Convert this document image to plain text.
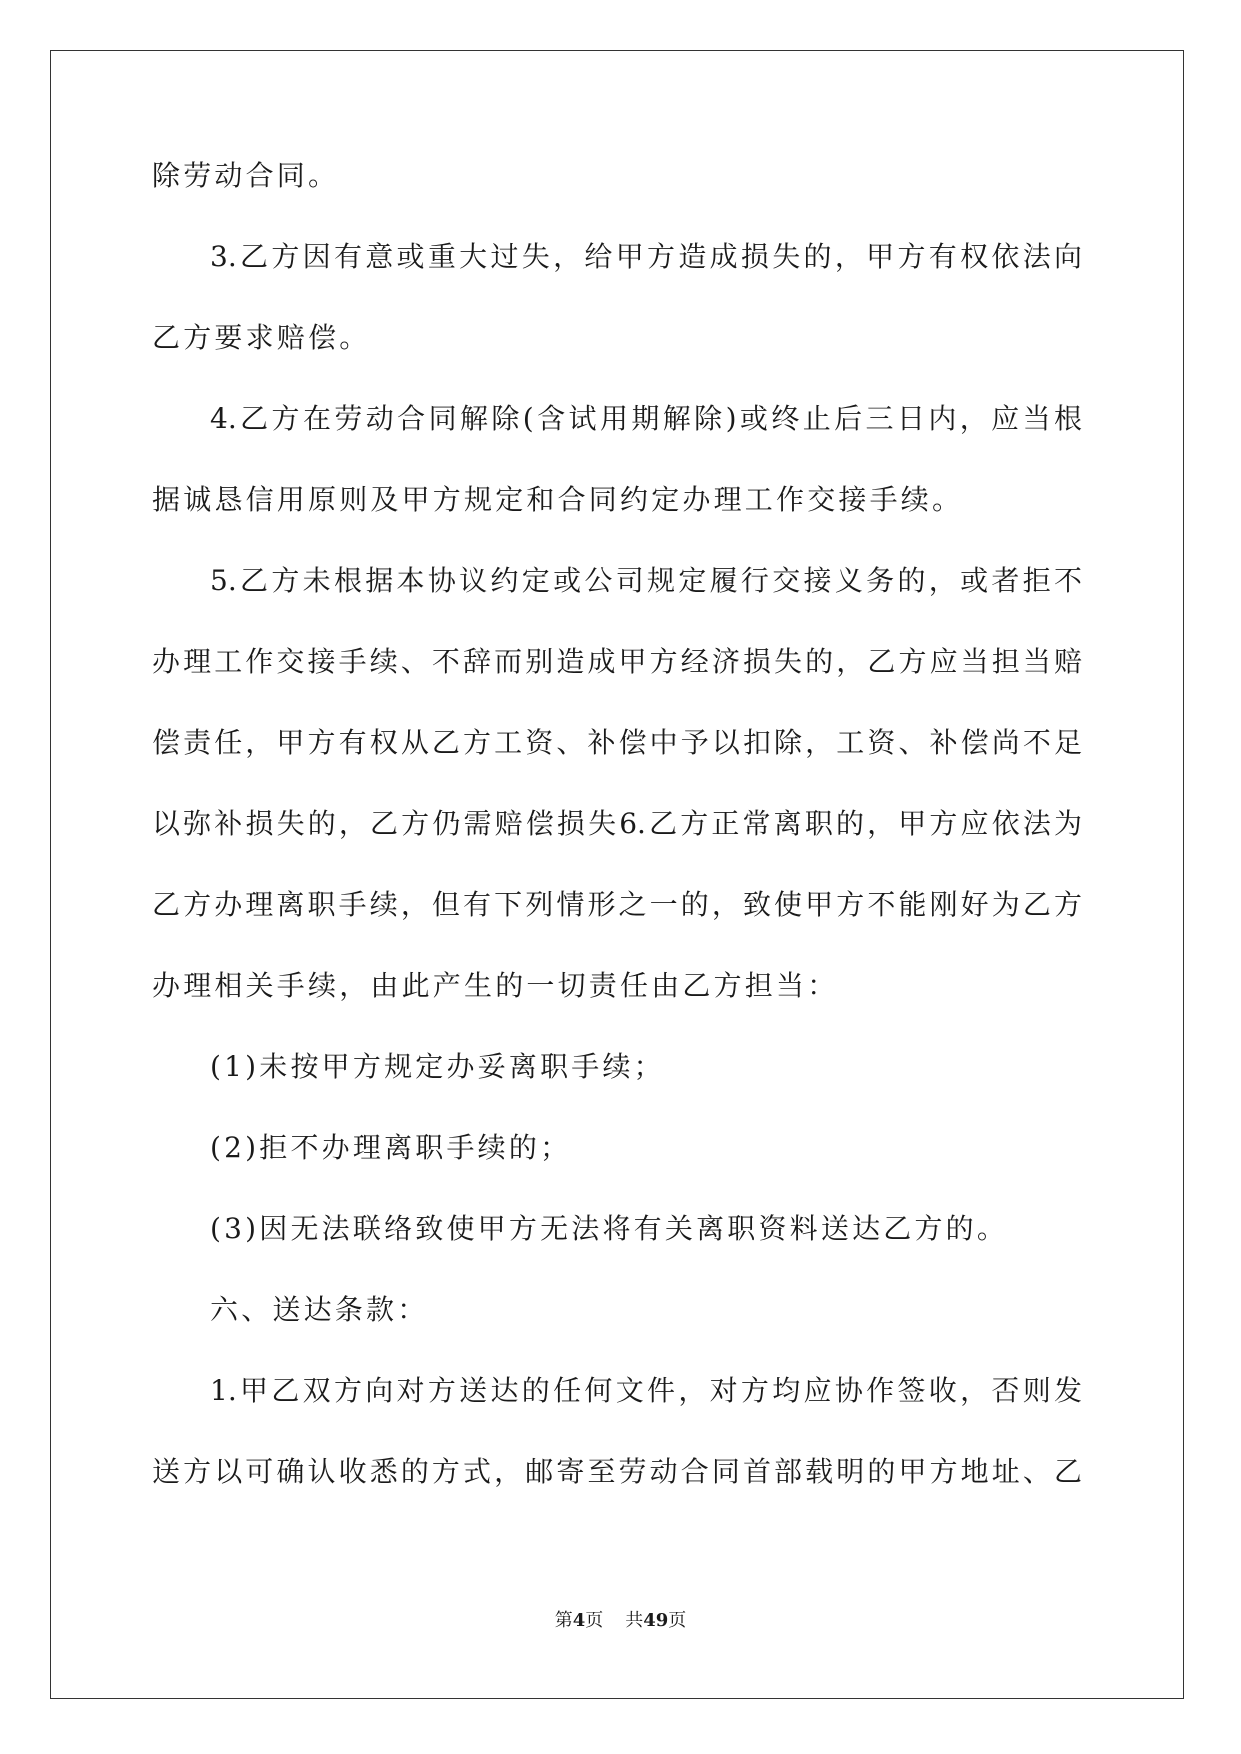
除劳动合同。
3.乙方因有意或重大过失，给甲方造成损失的，甲方有权依法向
乙方要求赔偿。
4.乙方在劳动合同解除(含试用期解除)或终止后三日内，应当根
据诚恳信用原则及甲方规定和合同约定办理工作交接手续。
5.乙方未根据本协议约定或公司规定履行交接义务的，或者拒不
办理工作交接手续、不辞而别造成甲方经济损失的，乙方应当担当赔
偿责任，甲方有权从乙方工资、补偿中予以扣除，工资、补偿尚不足
以弥补损失的，乙方仍需赔偿损失6.乙方正常离职的，甲方应依法为
乙方办理离职手续，但有下列情形之一的，致使甲方不能刚好为乙方
办理相关手续，由此产生的一切责任由乙方担当：
(1)未按甲方规定办妥离职手续；
(2)拒不办理离职手续的；
(3)因无法联络致使甲方无法将有关离职资料送达乙方的。
六、送达条款：
1.甲乙双方向对方送达的任何文件，对方均应协作签收，否则发
送方以可确认收悉的方式，邮寄至劳动合同首部载明的甲方地址、乙
第4页 共49页
